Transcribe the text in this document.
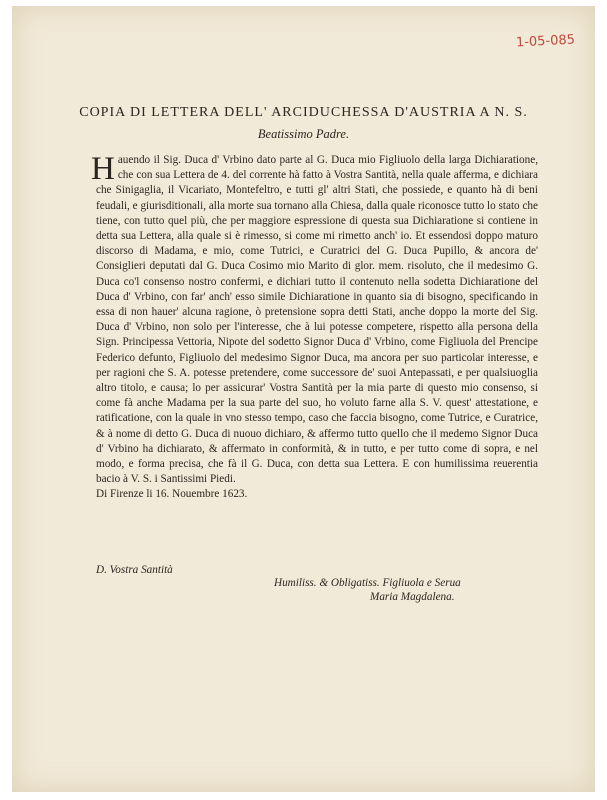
1-05-085
COPIA DI LETTERA DELL' ARCIDUCHESSA D'AUSTRIA A N. S.
Beatissimo Padre.
Hauendo il Sig. Duca d' Vrbino dato parte al G. Duca mio Figliuolo della larga Dichiaratione, che con sua Lettera de 4. del corrente hà fatto à Vostra Santità, nella quale afferma, e dichiara che Sinigaglia, il Vicariato, Montefeltro, e tutti gl' altri Stati, che possiede, e quanto hà di beni feudali, e giurisditionali, alla morte sua tornano alla Chiesa, dalla quale riconosce tutto lo stato che tiene, con tutto quel più, che per maggiore espressione di questa sua Dichiaratione si contiene in detta sua Lettera, alla quale si è rimesso, si come mi rimetto anch' io. Et essendosi doppo maturo discorso di Madama, e mio, come Tutrici, e Curatrici del G. Duca Pupillo, & ancora de' Consiglieri deputati dal G. Duca Cosimo mio Marito di glor. mem. risoluto, che il medesimo G. Duca co'l consenso nostro confermi, e dichiari tutto il contenuto nella sodetta Dichiaratione del Duca d' Vrbino, con far' anch' esso simile Dichiaratione in quanto sia di bisogno, specificando in essa di non hauer' alcuna ragione, ò pretensione sopra detti Stati, anche doppo la morte del Sig. Duca d' Vrbino, non solo per l'interesse, che à lui potesse competere, rispetto alla persona della Sign. Principessa Vettoria, Nipote del sodetto Signor Duca d' Vrbino, come Figliuola del Prencipe Federico defunto, Figliuolo del medesimo Signor Duca, ma ancora per suo particolar interesse, e per ragioni che S. A. potesse pretendere, come successore de' suoi Antepassati, e per qualsiuoglia altro titolo, e causa; lo per assicurar' Vostra Santità per la mia parte di questo mio consenso, si come fà anche Madama per la sua parte del suo, ho voluto farne alla S. V. quest' attestatione, e ratificatione, con la quale in vno stesso tempo, caso che faccia bisogno, come Tutrice, e Curatrice, & à nome di detto G. Duca di nuouo dichiaro, & affermo tutto quello che il medemo Signor Duca d' Vrbino ha dichiarato, & affermato in conformità, & in tutto, e per tutto come di sopra, e nel modo, e forma precisa, che fà il G. Duca, con detta sua Lettera. E con humilissima reuerentia bacio à V. S. i Santissimi Piedi.
Di Firenze li 16. Nouembre 1623.
D. Vostra Santità
Humiliss. & Obligatiss. Figliuola e Serua
Maria Magdalena.
